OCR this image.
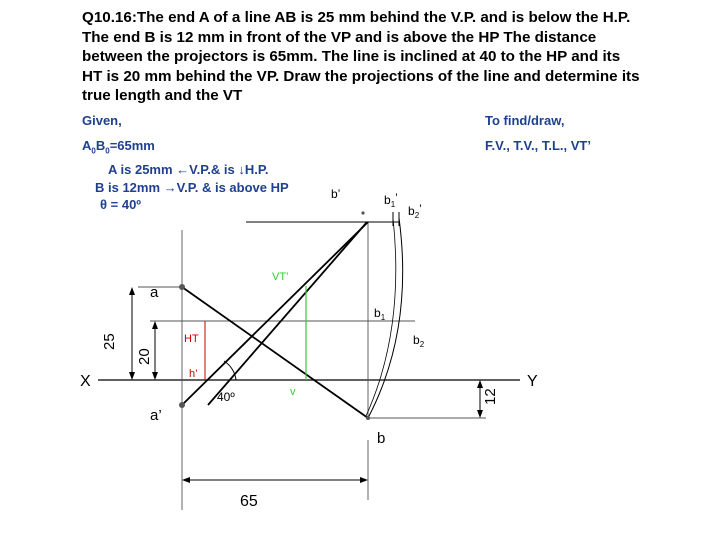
Q10.16:The end A of a line AB is 25 mm behind the V.P. and is below the H.P. The end B is 12 mm in front of the VP and is above the HP The distance between the projectors is 65mm. The line is inclined at 40 to the HP and its HT is 20 mm behind the VP. Draw the projections of the line and determine its true length and the VT

Given,
$A_0B_0=65mm$
A is 25mm ←V.P.& is ↓H.P.
B is 12mm →V.P. & is above HP
θ = 40º
To find/draw,
F.V., T.V., T.L., VT’
X	Y
a
a’
b
b’	$b_1$’
$b_2$’
$b_1$
$b_2$
HT
h’
VT’
v
40º
25
20
12
65
